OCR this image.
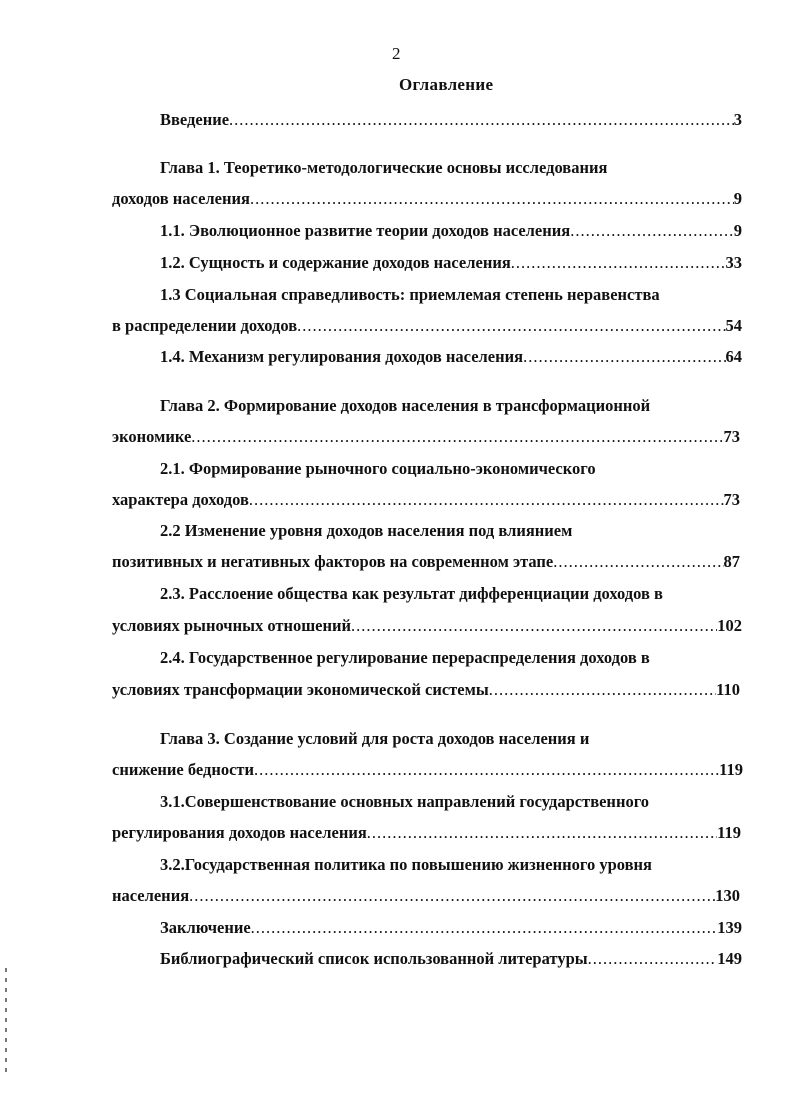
2
Оглавление
Введение .....	3
Глава 1. Теоретико-методологические основы исследования
доходов населения .....	9
1.1. Эволюционное развитие теории доходов населения .....	9
1.2. Сущность и содержание доходов населения .....	33
1.3 Социальная справедливость: приемлемая степень неравенства
в распределении доходов .....	54
1.4. Механизм регулирования доходов населения .....	64
Глава 2. Формирование доходов населения в трансформационной
экономике .....	73
2.1. Формирование рыночного социально-экономического
характера доходов .....	73
2.2 Изменение уровня доходов населения под влиянием
позитивных и негативных факторов на современном этапе .....	87
2.3. Расслоение общества как результат дифференциации доходов в
условиях рыночных отношений .....	102
2.4. Государственное регулирование перераспределения доходов в
условиях трансформации экономической системы .....	110
Глава 3. Создание условий для роста доходов населения и
снижение бедности .....	119
3.1.Совершенствование основных направлений государственного
регулирования доходов населения .....	119
3.2.Государственная политика по повышению жизненного уровня
населения .....	130
Заключение .....	139
Библиографический список использованной литературы .....	149
